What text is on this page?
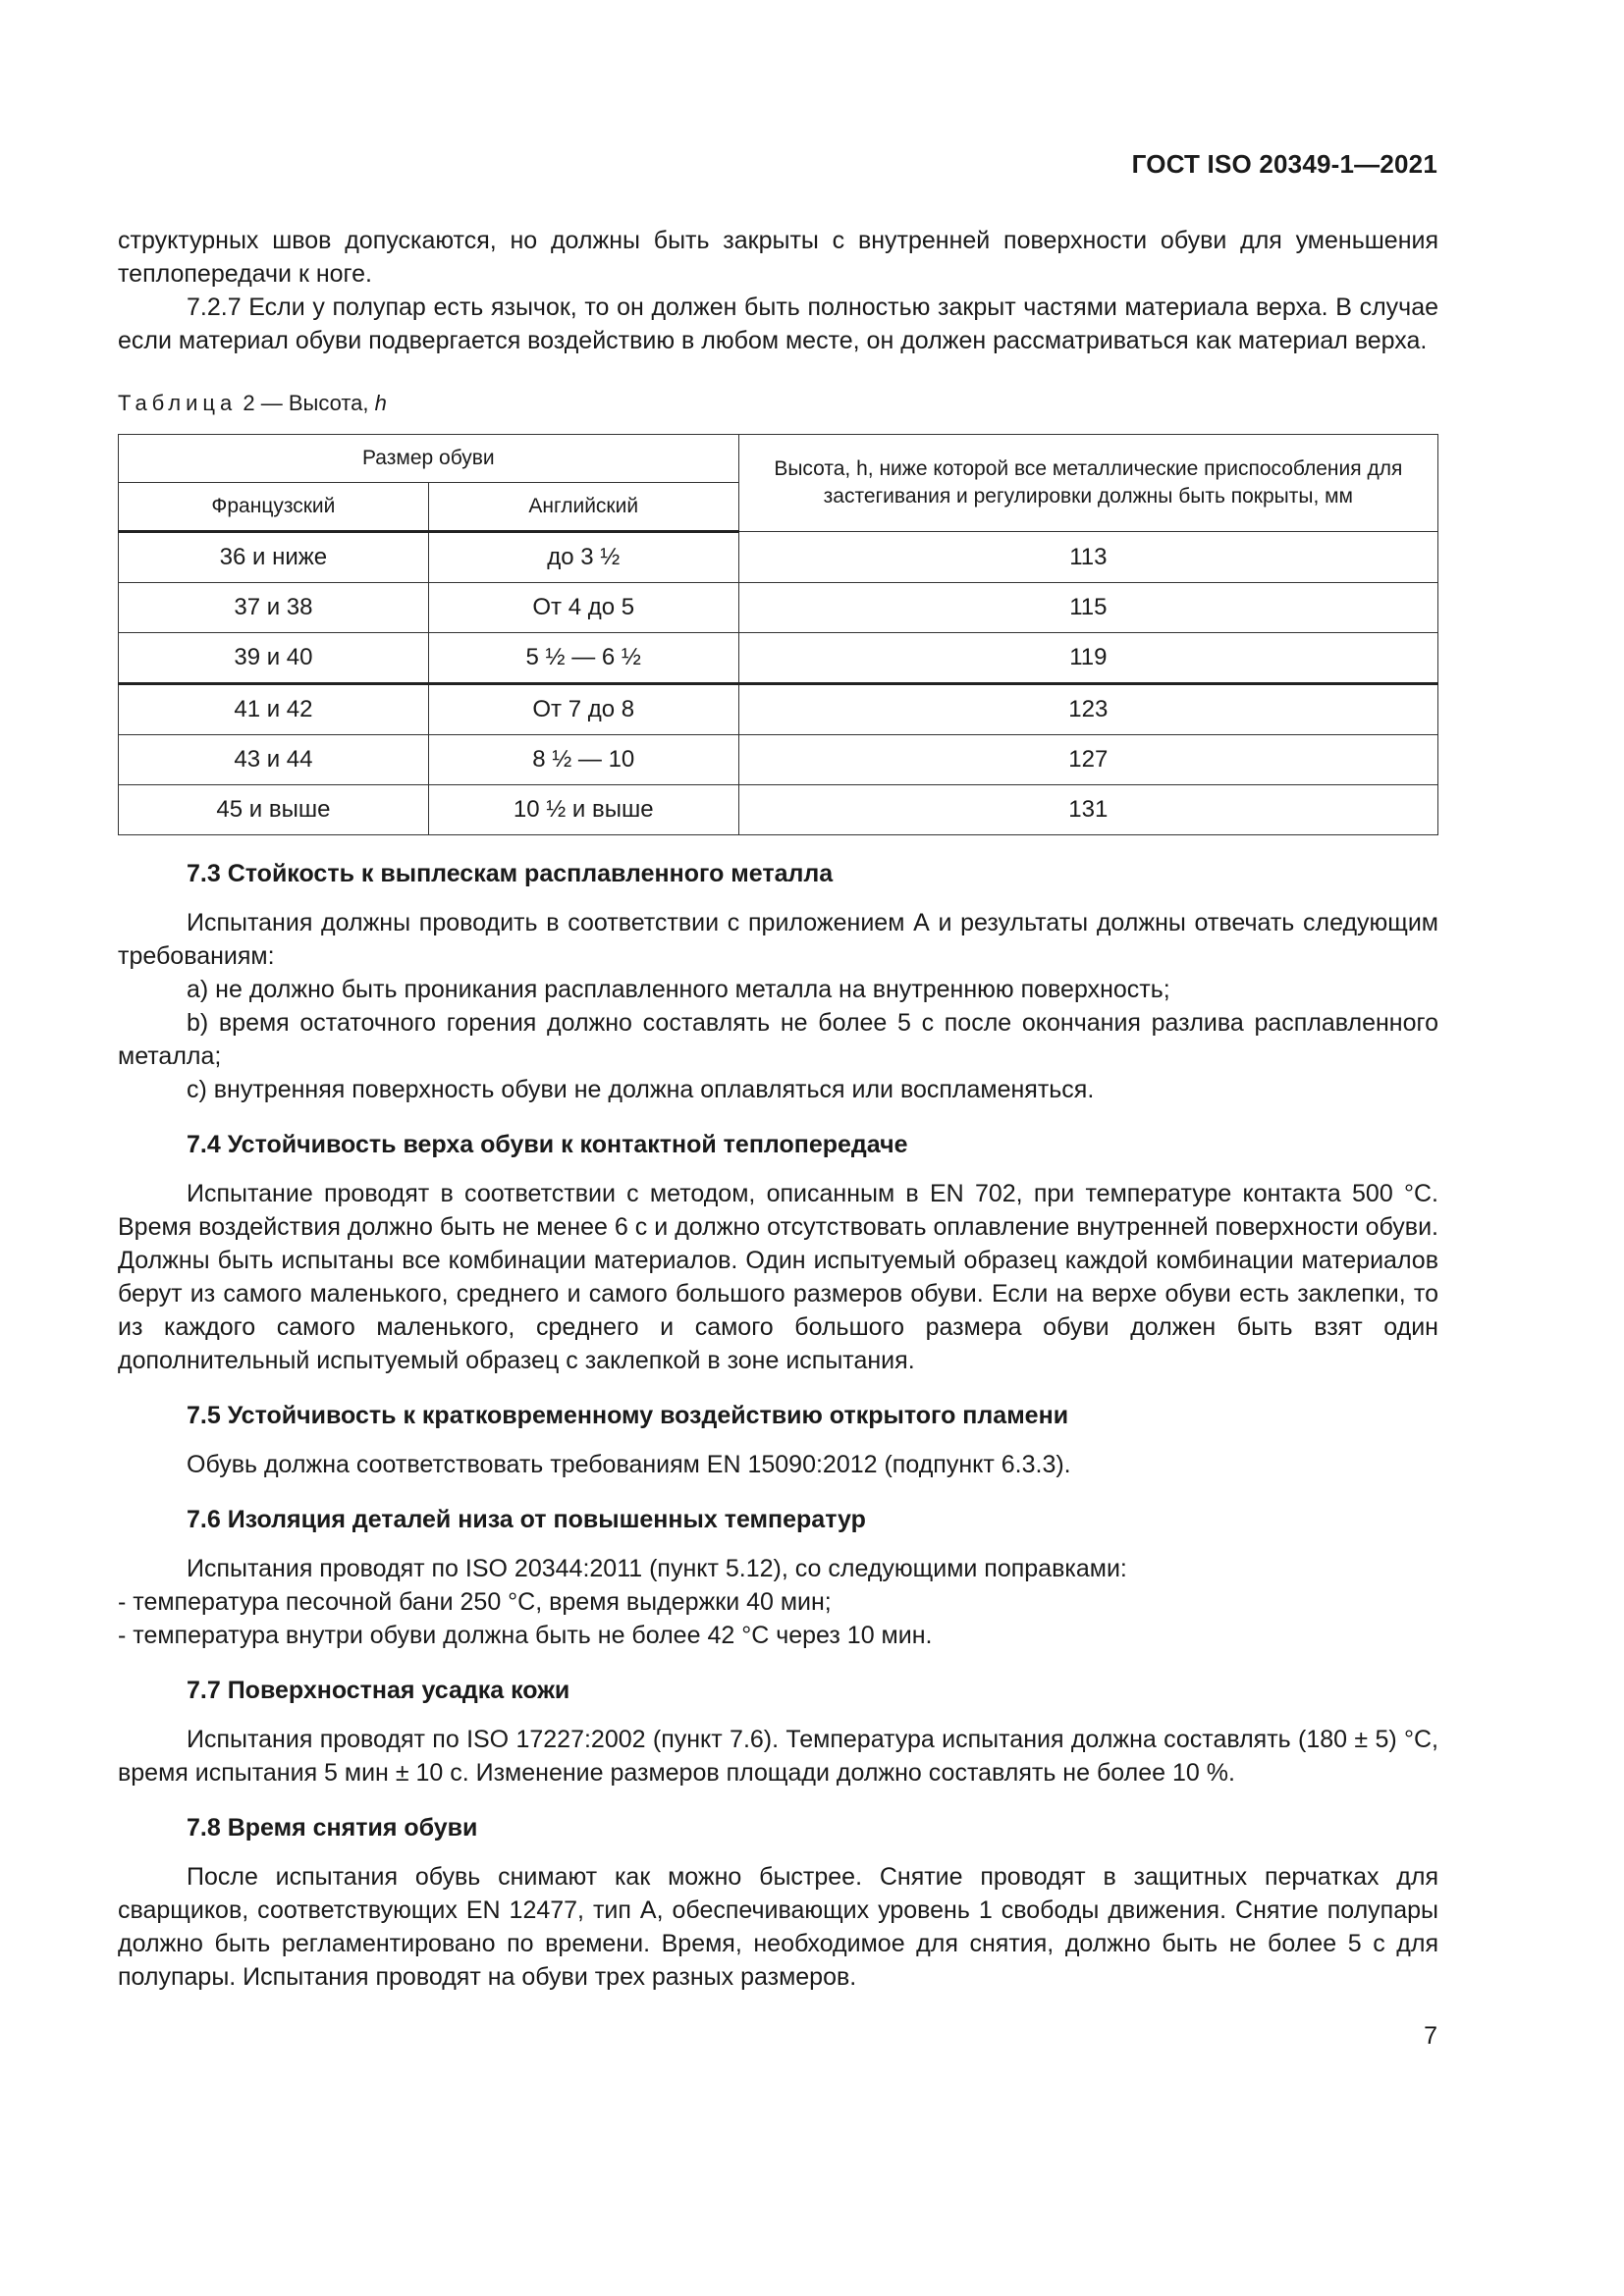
ГОСТ ISO 20349-1—2021

структурных швов допускаются, но должны быть закрыты с внутренней поверхности обуви для уменьшения теплопередачи к ноге.

7.2.7 Если у полупар есть язычок, то он должен быть полностью закрыт частями материала верха. В случае если материал обуви подвергается воздействию в любом месте, он должен рассматриваться как материал верха.

Таблица 2 — Высота, h
Размер обуви		Высота, h, ниже которой все металлические приспособления для застегивания и регулировки должны быть покрыты, мм
Французский	Английский	
36 и ниже	до 3 ½	113
37 и 38	От 4 до 5	115
39 и 40	5 ½ — 6 ½	119
41 и 42	От 7 до 8	123
43 и 44	8 ½ — 10	127
45 и выше	10 ½ и выше	131
7.3 Стойкость к выплескам расплавленного металла

Испытания должны проводить в соответствии с приложением А и результаты должны отвечать следующим требованиям:

a) не должно быть проникания расплавленного металла на внутреннюю поверхность;

b) время остаточного горения должно составлять не более 5 с после окончания разлива расплавленного металла;

c) внутренняя поверхность обуви не должна оплавляться или воспламеняться.

7.4 Устойчивость верха обуви к контактной теплопередаче

Испытание проводят в соответствии с методом, описанным в EN 702, при температуре контакта 500 °С. Время воздействия должно быть не менее 6 с и должно отсутствовать оплавление внутренней поверхности обуви. Должны быть испытаны все комбинации материалов. Один испытуемый образец каждой комбинации материалов берут из самого маленького, среднего и самого большого размеров обуви. Если на верхе обуви есть заклепки, то из каждого самого маленького, среднего и самого большого размера обуви должен быть взят один дополнительный испытуемый образец с заклепкой в зоне испытания.

7.5 Устойчивость к кратковременному воздействию открытого пламени

Обувь должна соответствовать требованиям EN 15090:2012 (подпункт 6.3.3).

7.6 Изоляция деталей низа от повышенных температур

Испытания проводят по ISO 20344:2011 (пункт 5.12), со следующими поправками:

- температура песочной бани 250 °С, время выдержки 40 мин;

- температура внутри обуви должна быть не более 42 °С через 10 мин.

7.7 Поверхностная усадка кожи

Испытания проводят по ISO 17227:2002 (пункт 7.6). Температура испытания должна составлять (180 ± 5) °С, время испытания 5 мин ± 10 с. Изменение размеров площади должно составлять не более 10 %.

7.8 Время снятия обуви

После испытания обувь снимают как можно быстрее. Снятие проводят в защитных перчатках для сварщиков, соответствующих EN 12477, тип А, обеспечивающих уровень 1 свободы движения. Снятие полупары должно быть регламентировано по времени. Время, необходимое для снятия, должно быть не более 5 с для полупары. Испытания проводят на обуви трех разных размеров.

7
